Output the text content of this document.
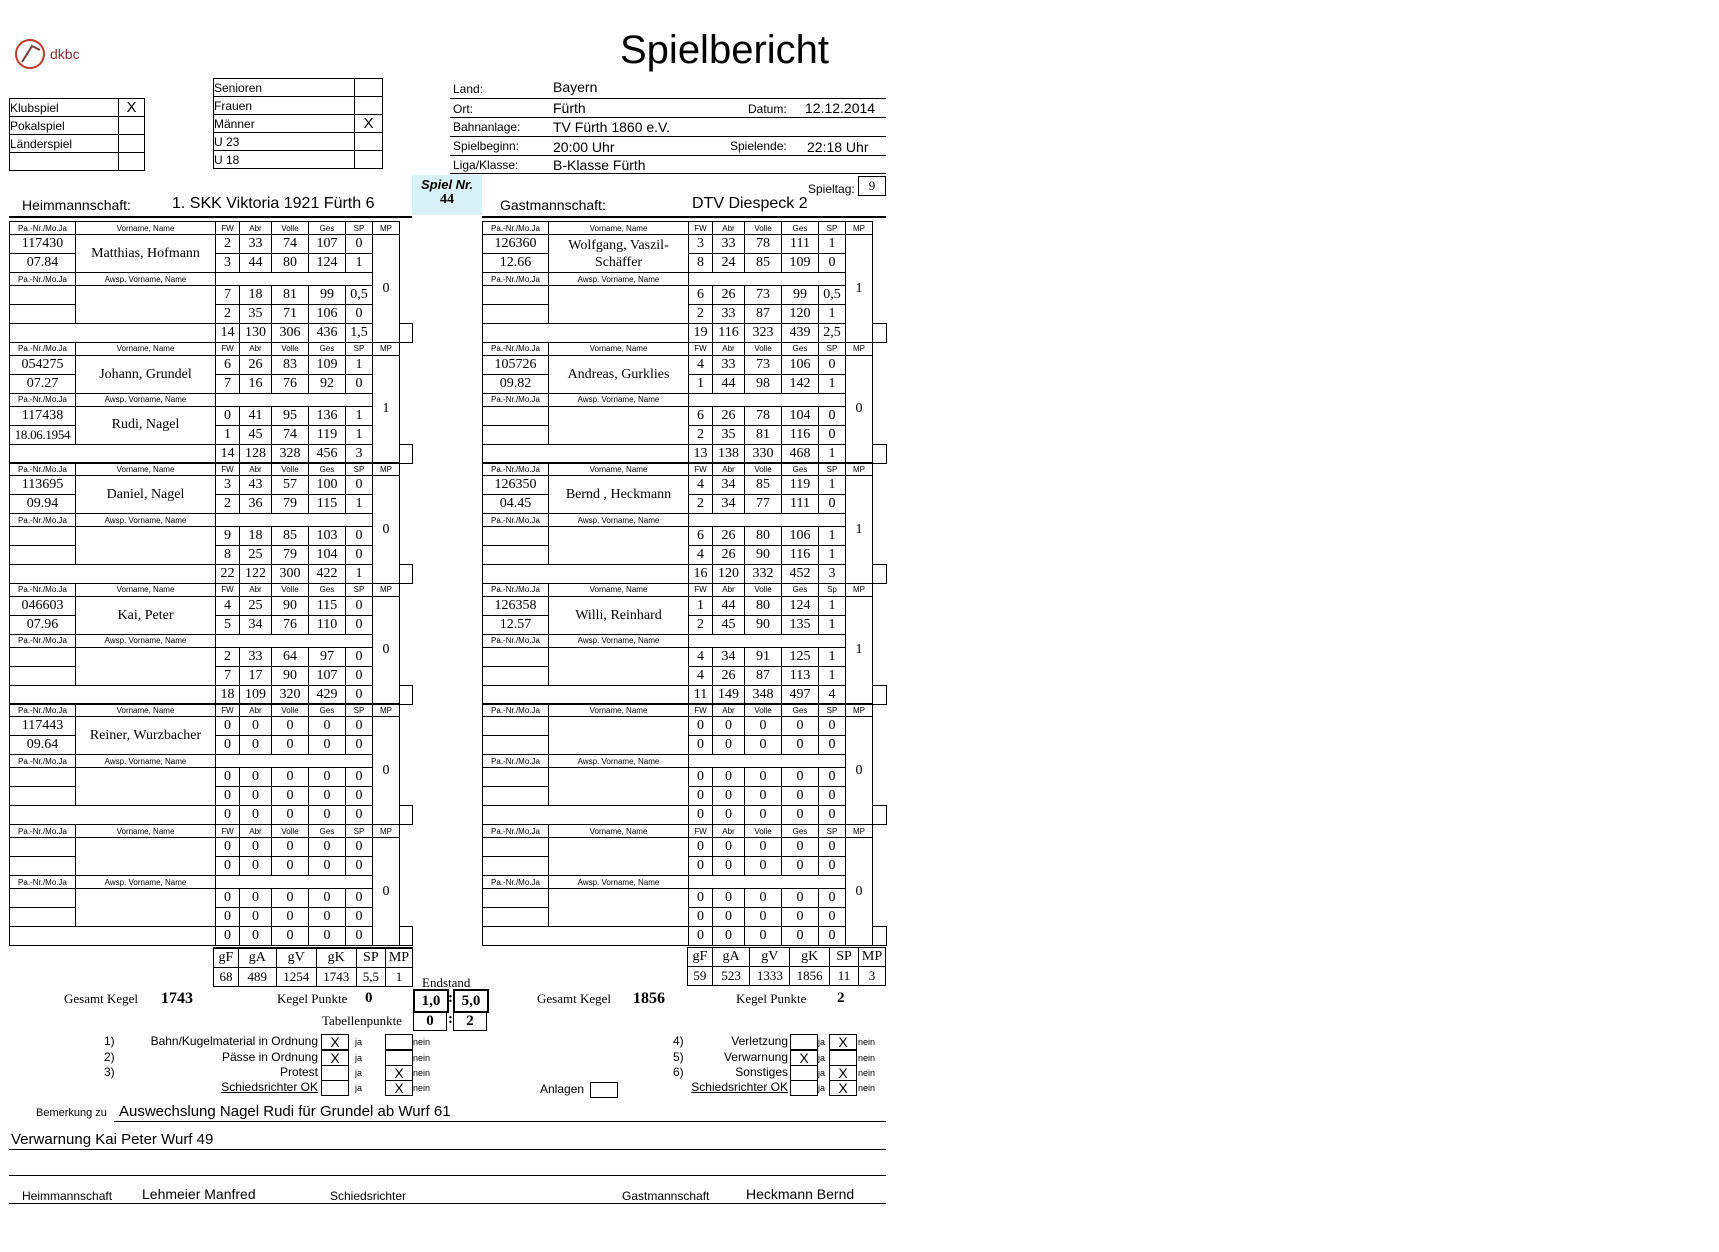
dkbc	Spielbericht
Klubspiel	X
Pokalspiel	
Länderspiel	

Senioren	
Frauen	
Männer	X
U 23	
U 18	
Land:	Bayern
Ort:	Fürth	Datum: 12.12.2014
Bahnanlage: TV Fürth 1860 e.V.
Spielbeginn: 20:00 Uhr	Spielende: 22:18 Uhr
Liga/Klasse: B-Klasse Fürth
Spiel Nr.
44
Spieltag:	9
Heimmannschaft:	1. SKK Viktoria 1921 Fürth 6	Gastmannschaft:	DTV Diespeck 2
Pa.-Nr./Mo.Ja	Vorname, Name	FW	Abr	Volle	Ges	SP	MP	
117430	Matthias, Hofmann	2	33	74	107	0	0	
07.84		3	44	80	124	1		
Pa.-Nr./Mo.Ja	Awsp. Vorname, Name							
		7	18	81	99	0,5		
		2	35	71	106	0		
		14	130	306	436	1,5		
Pa.-Nr./Mo.Ja	Vorname, Name	FW	Abr	Volle	Ges	SP	MP	
054275	Johann, Grundel	6	26	83	109	1	1	
07.27		7	16	76	92	0		
Pa.-Nr./Mo.Ja	Awsp. Vorname, Name							
117438	Rudi, Nagel	0	41	95	136	1		
18.06.1954		1	45	74	119	1		
		14	128	328	456	3		
Pa.-Nr./Mo.Ja	Vorname, Name	FW	Abr	Volle	Ges	SP	MP	
113695	Daniel, Nagel	3	43	57	100	0	0	
09.94		2	36	79	115	1		
Pa.-Nr./Mo.Ja	Awsp. Vorname, Name							
		9	18	85	103	0		
		8	25	79	104	0		
		22	122	300	422	1		
Pa.-Nr./Mo.Ja	Vorname, Name	FW	Abr	Volle	Ges	SP	MP	
046603	Kai, Peter	4	25	90	115	0	0	
07.96		5	34	76	110	0		
Pa.-Nr./Mo.Ja	Awsp. Vorname, Name							
		2	33	64	97	0		
		7	17	90	107	0		
		18	109	320	429	0		
Pa.-Nr./Mo.Ja	Vorname, Name	FW	Abr	Volle	Ges	SP	MP	
117443	Reiner, Wurzbacher	0	0	0	0	0	0	
09.64		0	0	0	0	0		
Pa.-Nr./Mo.Ja	Awsp. Vorname, Name							
		0	0	0	0	0		
		0	0	0	0	0		
		0	0	0	0	0		
Pa.-Nr./Mo.Ja	Vorname, Name	FW	Abr	Volle	Ges	SP	MP	
		0	0	0	0	0	0	
		0	0	0	0	0		
Pa.-Nr./Mo.Ja	Awsp. Vorname, Name							
		0	0	0	0	0		
		0	0	0	0	0		
		0	0	0	0	0		
Pa.-Nr./Mo.Ja	Vorname, Name	FW	Abr	Volle	Ges	SP	MP	
126360	Wolfgang, Vaszil-Schäffer	3	33	78	111	1	1	
12.66		8	24	85	109	0		
Pa.-Nr./Mo.Ja	Awsp. Vorname, Name							
		6	26	73	99	0,5		
		2	33	87	120	1		
		19	116	323	439	2,5		
Pa.-Nr./Mo.Ja	Vorname, Name	FW	Abr	Volle	Ges	SP	MP	
105726	Andreas, Gurklies	4	33	73	106	0	0	
09.82		1	44	98	142	1		
Pa.-Nr./Mo.Ja	Awsp. Vorname, Name							
		6	26	78	104	0		
		2	35	81	116	0		
		13	138	330	468	1		
Pa.-Nr./Mo.Ja	Vorname, Name	FW	Abr	Volle	Ges	SP	MP	
126350	Bernd , Heckmann	4	34	85	119	1	1	
04.45		2	34	77	111	0		
Pa.-Nr./Mo.Ja	Awsp. Vorname, Name							
		6	26	80	106	1		
		4	26	90	116	1		
		16	120	332	452	3		
Pa.-Nr./Mo.Ja	Vorname, Name	FW	Abr	Volle	Ges	Sp	MP	
126358	Willi, Reinhard	1	44	80	124	1	1	
12.57		2	45	90	135	1		
Pa.-Nr./Mo.Ja	Awsp. Vorname, Name							
		4	34	91	125	1		
		4	26	87	113	1		
		11	149	348	497	4		
Pa.-Nr./Mo.Ja	Vorname, Name	FW	Abr	Volle	Ges	SP	MP	
		0	0	0	0	0	0	
		0	0	0	0	0		
Pa.-Nr./Mo.Ja	Awsp. Vorname, Name							
		0	0	0	0	0		
		0	0	0	0	0		
		0	0	0	0	0		
Pa.-Nr./Mo.Ja	Vorname, Name	FW	Abr	Volle	Ges	SP	MP	
		0	0	0	0	0	0	
		0	0	0	0	0		
Pa.-Nr./Mo.Ja	Awsp. Vorname, Name							
		0	0	0	0	0		
		0	0	0	0	0		
		0	0	0	0	0		
gF	gA	gV	gK	SP	MP
68	489	1254	1743	5,5	1
gF	gA	gV	gK	SP	MP
59	523	1333	1856	11	3
Endstand
Gesamt Kegel 1743	Kegel Punkte 0	1,0 : 5,0
Tabellenpunkte	0 : 2
Gesamt Kegel 1856	Kegel Punkte 2
1)	Bahn/Kugelmaterial in Ordnung X	ja	nein
2)	Pässe in Ordnung X	ja	nein
3)	Protest	ja	X	nein
Schiedsrichter OK	ja	X	nein
4)	Verletzung	ja X	nein
5)	Verwarnung X	ja	nein
6)	Sonstiges	ja X	nein
Schiedsrichter OK	ja X	nein
Anlagen
Bemerkung zu Auswechslung Nagel Rudi für Grundel ab Wurf 61
Verwarnung Kai Peter Wurf 49
Heimmannschaft Lehmeier Manfred	Schiedsrichter	Gastmannschaft	Heckmann Bernd
